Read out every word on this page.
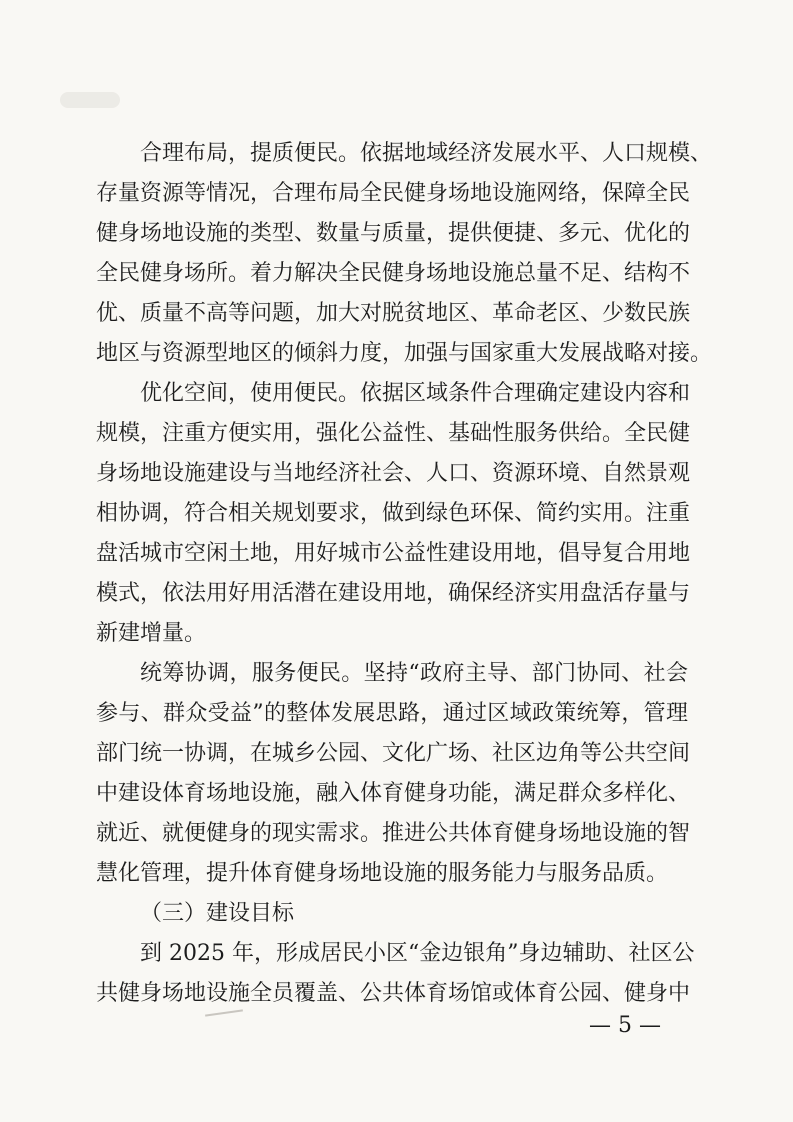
合理布局，提质便民。依据地域经济发展水平、人口规模、
存量资源等情况，合理布局全民健身场地设施网络，保障全民
健身场地设施的类型、数量与质量，提供便捷、多元、优化的
全民健身场所。着力解决全民健身场地设施总量不足、结构不
优、质量不高等问题，加大对脱贫地区、革命老区、少数民族
地区与资源型地区的倾斜力度，加强与国家重大发展战略对接。
优化空间，使用便民。依据区域条件合理确定建设内容和
规模，注重方便实用，强化公益性、基础性服务供给。全民健
身场地设施建设与当地经济社会、人口、资源环境、自然景观
相协调，符合相关规划要求，做到绿色环保、简约实用。注重
盘活城市空闲土地，用好城市公益性建设用地，倡导复合用地
模式，依法用好用活潜在建设用地，确保经济实用盘活存量与
新建增量。
统筹协调，服务便民。坚持“政府主导、部门协同、社会
参与、群众受益”的整体发展思路，通过区域政策统筹，管理
部门统一协调，在城乡公园、文化广场、社区边角等公共空间
中建设体育场地设施，融入体育健身功能，满足群众多样化、
就近、就便健身的现实需求。推进公共体育健身场地设施的智
慧化管理，提升体育健身场地设施的服务能力与服务品质。
（三）建设目标
到 2025 年，形成居民小区“金边银角”身边辅助、社区公
共健身场地设施全员覆盖、公共体育场馆或体育公园、健身中
— 5 —
